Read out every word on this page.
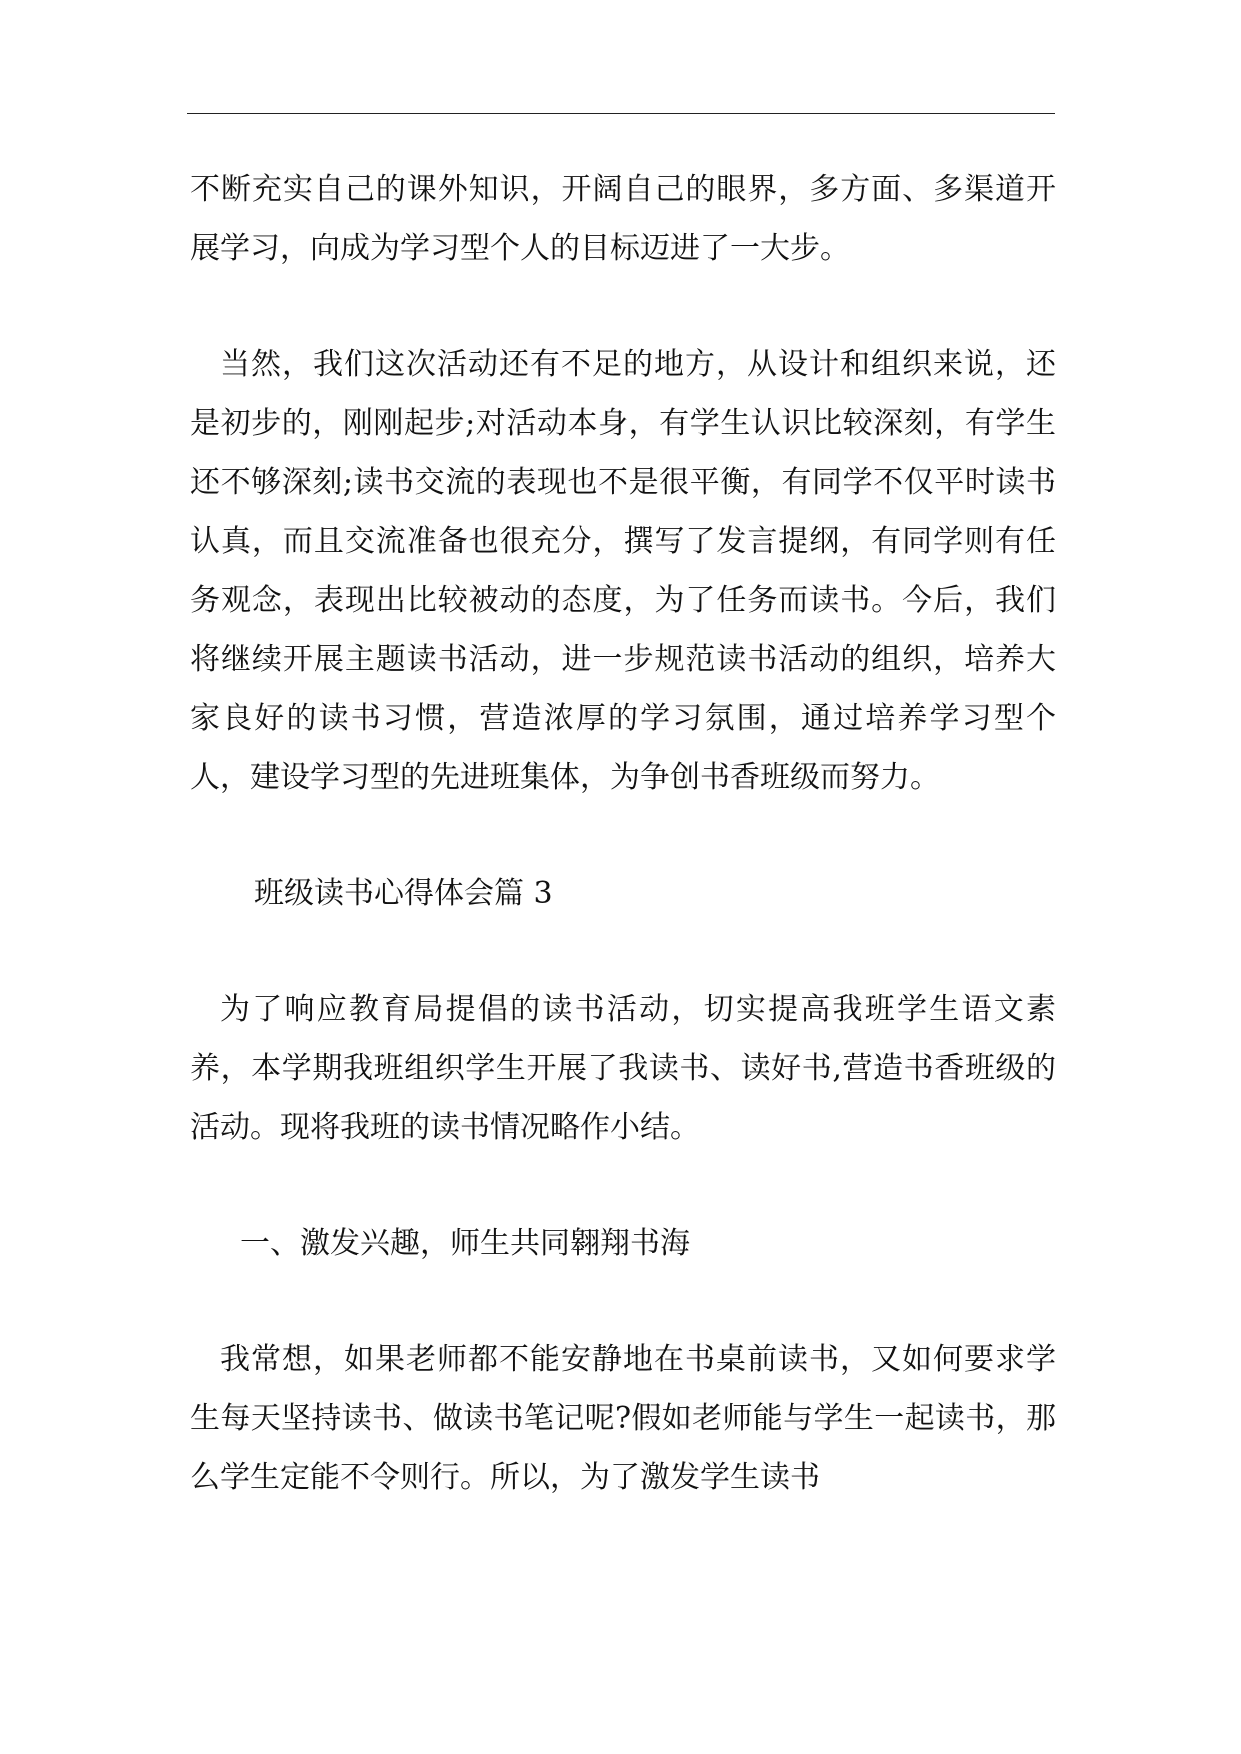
不断充实自己的课外知识，开阔自己的眼界，多方面、多渠道开展学习，向成为学习型个人的目标迈进了一大步。

当然，我们这次活动还有不足的地方，从设计和组织来说，还是初步的，刚刚起步;对活动本身，有学生认识比较深刻，有学生还不够深刻;读书交流的表现也不是很平衡，有同学不仅平时读书认真，而且交流准备也很充分，撰写了发言提纲，有同学则有任务观念，表现出比较被动的态度，为了任务而读书。今后，我们将继续开展主题读书活动，进一步规范读书活动的组织，培养大家良好的读书习惯，营造浓厚的学习氛围，通过培养学习型个人，建设学习型的先进班集体，为争创书香班级而努力。

班级读书心得体会篇 3

为了响应教育局提倡的读书活动，切实提高我班学生语文素养，本学期我班组织学生开展了我读书、读好书,营造书香班级的活动。现将我班的读书情况略作小结。

一、激发兴趣，师生共同翱翔书海

我常想，如果老师都不能安静地在书桌前读书，又如何要求学生每天坚持读书、做读书笔记呢?假如老师能与学生一起读书，那么学生定能不令则行。所以，为了激发学生读书
